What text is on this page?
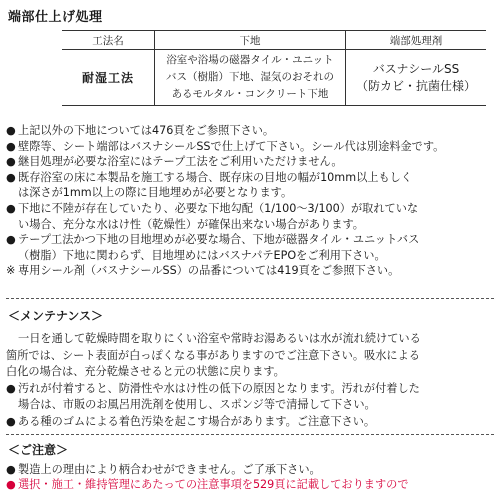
端部仕上げ処理
工法名	下地	端部処理剤
耐湿工法	浴室や浴場の磁器タイル・ユニット
バス（樹脂）下地、湿気のおそれの
あるモルタル・コンクリート下地	バスナシールSS
（防カビ・抗菌仕様）
● 上記以外の下地については476頁をご参照下さい。
● 壁際等、シート端部はバスナシールSSで仕上げて下さい。シール代は別途料金です。
● 継目処理が必要な浴室にはテープ工法をご利用いただけません。
● 既存浴室の床に本製品を施工する場合、既存床の目地の幅が10mm以上もしく
は深さが1mm以上の際に目地埋めが必要となります。
● 下地に不陸が存在していたり、必要な下地勾配（1/100〜3/100）が取れていな
い場合、充分な水はけ性（乾燥性）が確保出来ない場合があります。
● テープ工法かつ下地の目地埋めが必要な場合、下地が磁器タイル・ユニットバス
（樹脂）下地に関わらず、目地埋めにはバスナパテEPOをご利用下さい。
※ 専用シール剤（バスナシールSS）の品番については419頁をご参照下さい。
＜メンテナンス＞
一日を通して乾燥時間を取りにくい浴室や常時お湯あるいは水が流れ続けている
箇所では、シート表面が白っぽくなる事がありますのでご注意下さい。吸水による
白化の場合は、充分乾燥させると元の状態に戻ります。
● 汚れが付着すると、防滑性や水はけ性の低下の原因となります。汚れが付着した
場合は、市販のお風呂用洗剤を使用し、スポンジ等で清掃して下さい。
● ある種のゴムによる着色汚染を起こす場合があります。ご注意下さい。
＜ご注意＞
● 製造上の理由により柄合わせができません。ご了承下さい。
● 選択・施工・維持管理にあたっての注意事項を529頁に記載しておりますので
